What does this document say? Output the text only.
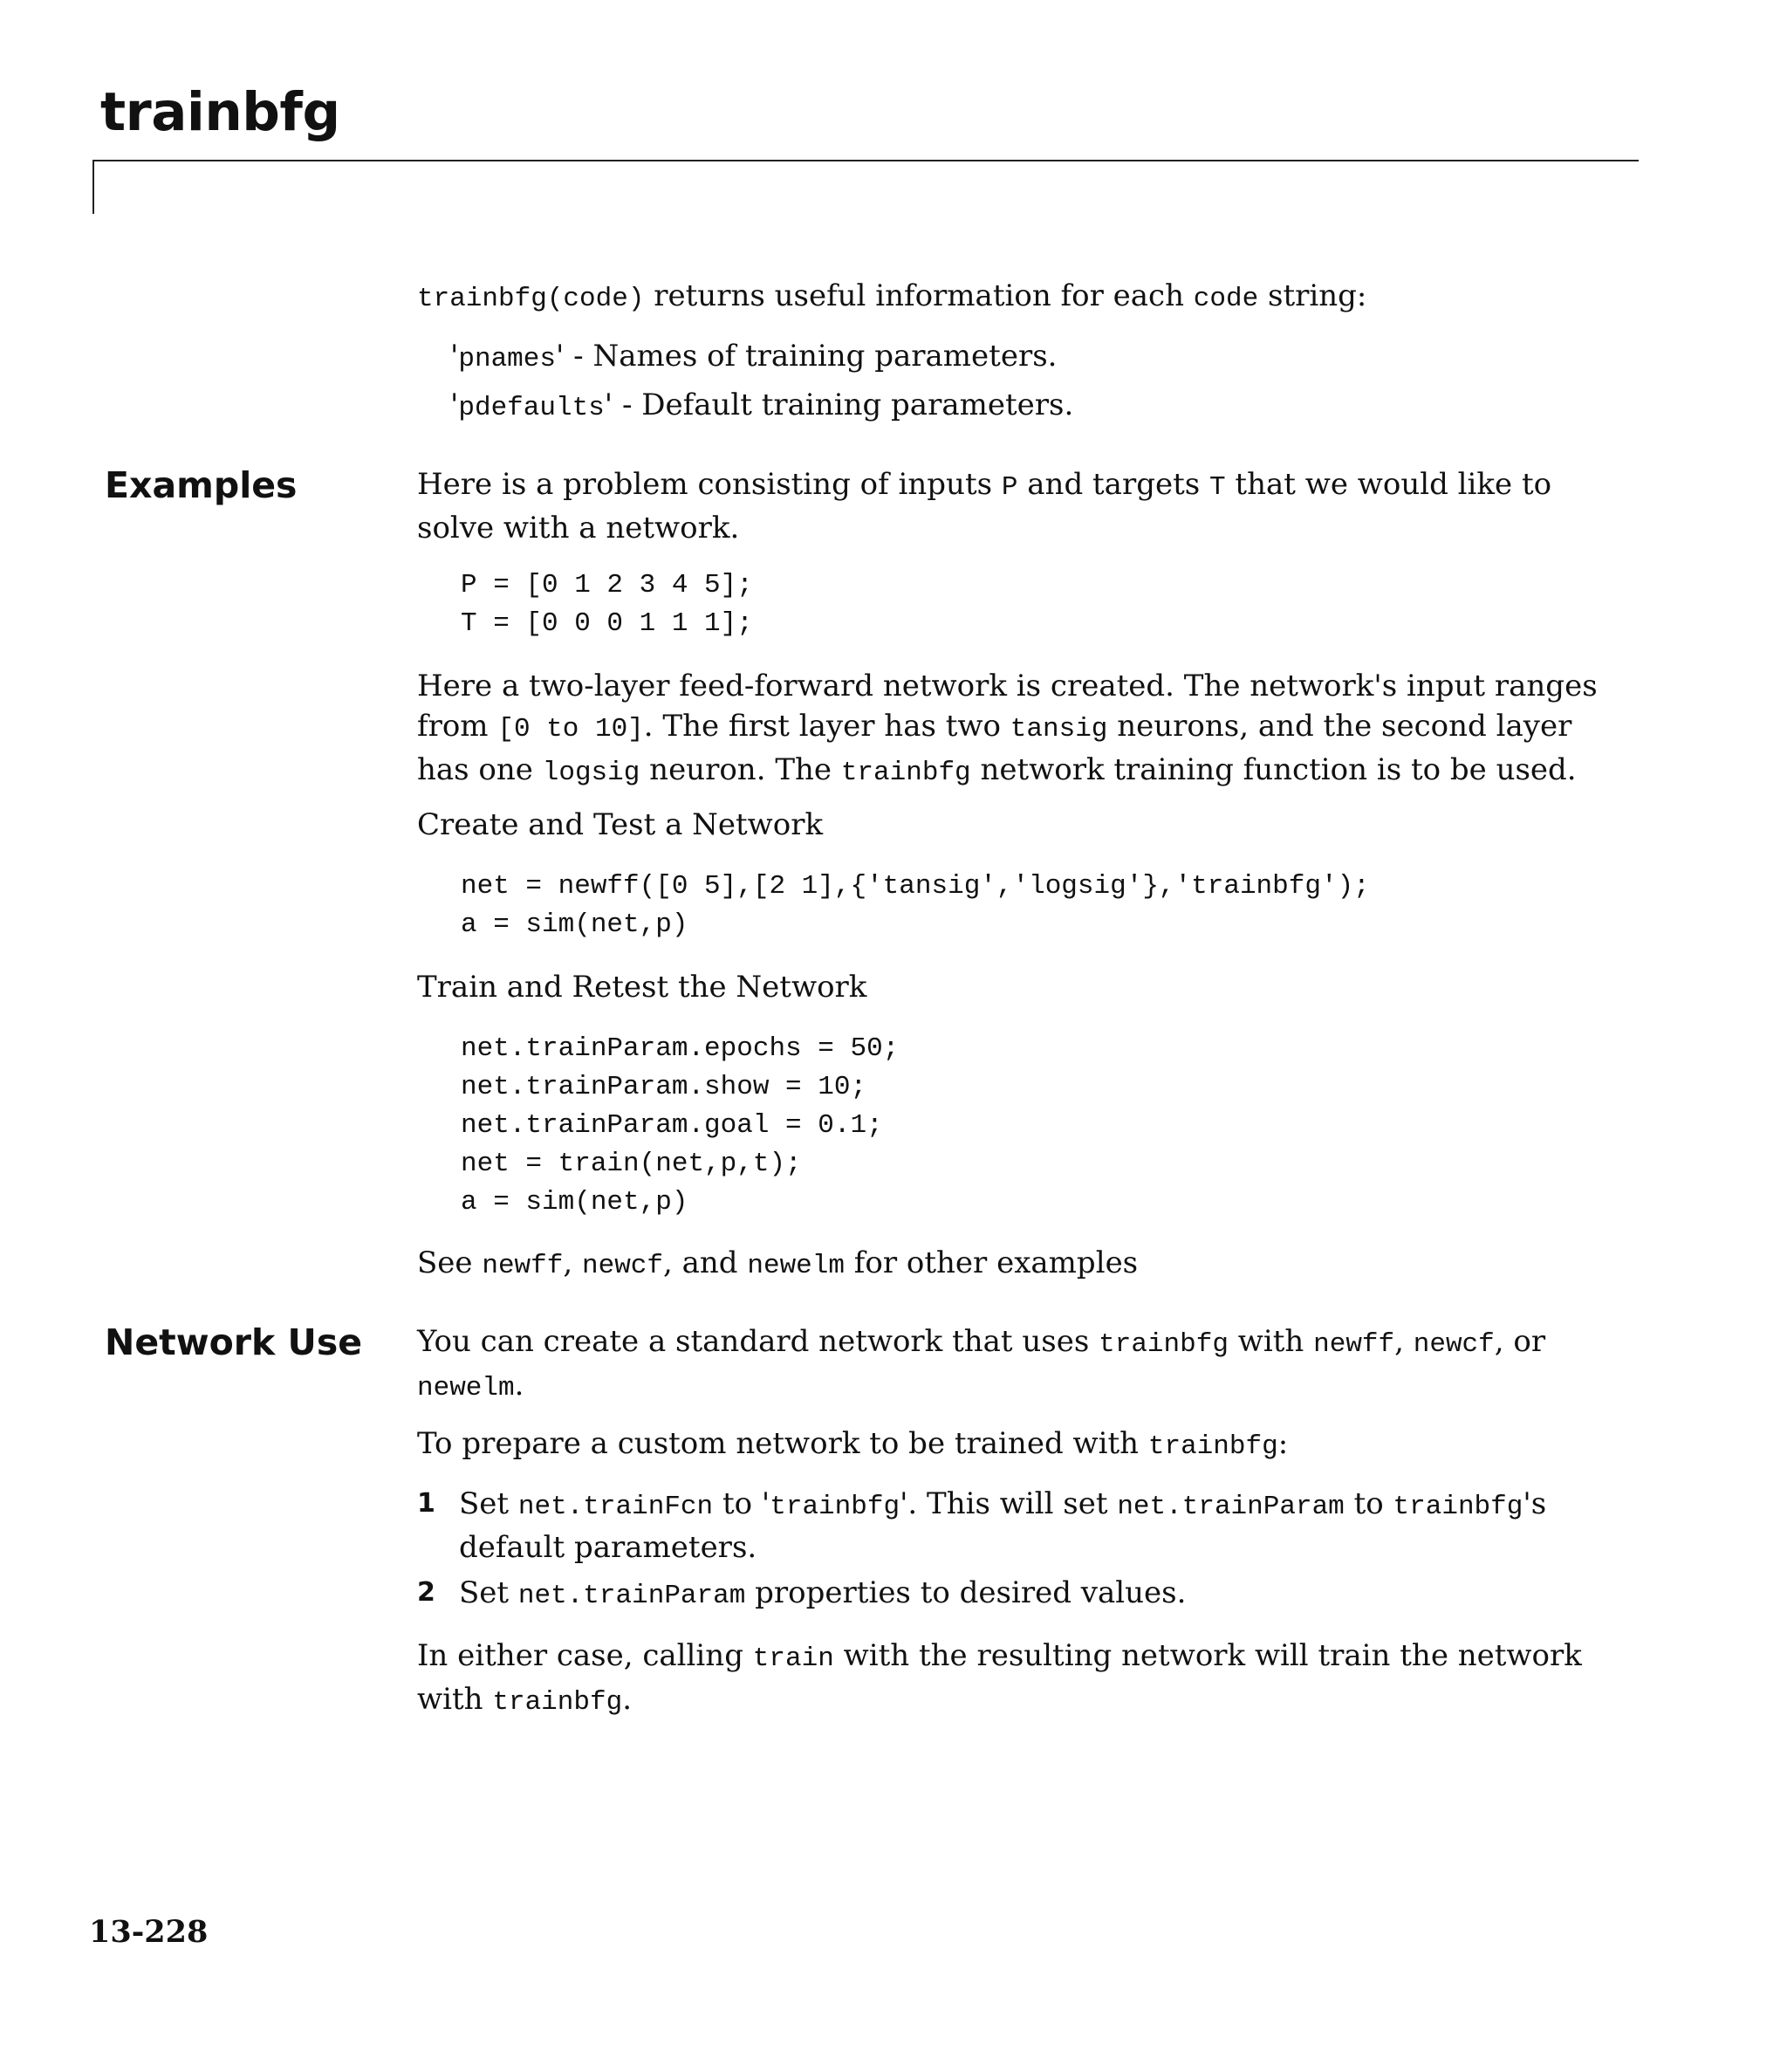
trainbfg

trainbfg(code) returns useful information for each code string:

'pnames' - Names of training parameters.

'pdefaults' - Default training parameters.

Examples	Here is a problem consisting of inputs P and targets T that we would like to
solve with a network.

P = [0 1 2 3 4 5];
T = [0 0 0 1 1 1];

Here a two-layer feed-forward network is created. The network's input ranges
from [0 to 10]. The first layer has two tansig neurons, and the second layer
has one logsig neuron. The trainbfg network training function is to be used.

Create and Test a Network

net = newff([0 5],[2 1],{'tansig','logsig'},'trainbfg');
a = sim(net,p)

Train and Retest the Network

net.trainParam.epochs = 50;
net.trainParam.show = 10;
net.trainParam.goal = 0.1;
net = train(net,p,t);
a = sim(net,p)

See newff, newcf, and newelm for other examples

Network Use You can create a standard network that uses trainbfg with newff, newcf, or
newelm.

To prepare a custom network to be trained with trainbfg:

1 Set net.trainFcn to 'trainbfg'. This will set net.trainParam to trainbfg's
default parameters.
2 Set net.trainParam properties to desired values.

In either case, calling train with the resulting network will train the network
with trainbfg.

13-228
